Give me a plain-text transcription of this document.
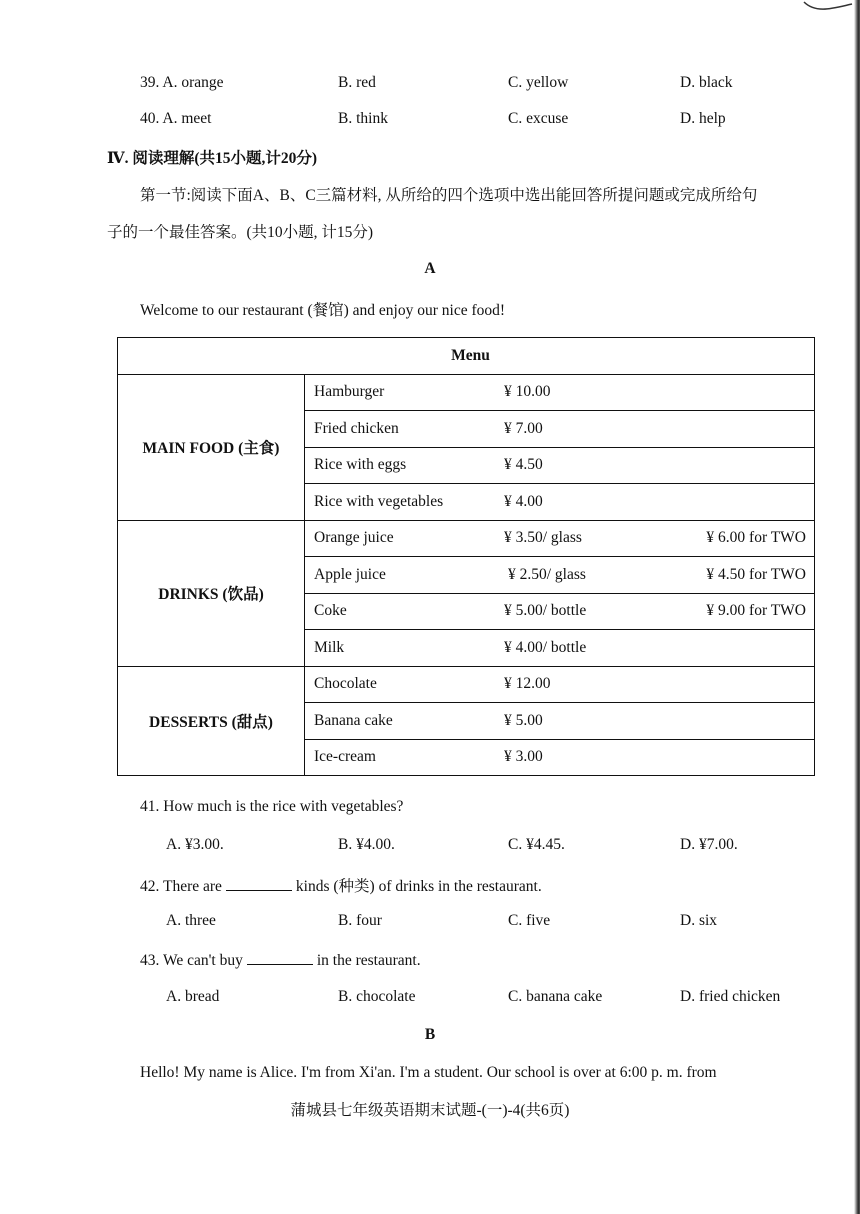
39. A. orange	B. red	C. yellow	D. black
40. A. meet	B. think	C. excuse	D. help
Ⅳ. 阅读理解(共15小题,计20分)
第一节:阅读下面A、B、C三篇材料, 从所给的四个选项中选出能回答所提问题或完成所给句
子的一个最佳答案。(共10小题, 计15分)
A
Welcome to our restaurant (餐馆) and enjoy our nice food!
Menu	
MAIN FOOD (主食)	Hamburger ¥ 10.00

	Fried chicken ¥ 7.00

	Rice with eggs ¥ 4.50

	Rice with vegetables ¥ 4.00

DRINKS (饮品)	Orange juice ¥ 3.50/ glass ¥ 6.00 for TWO

	Apple juice ¥ 2.50/ glass ¥ 4.50 for TWO

	Coke ¥ 5.00/ bottle ¥ 9.00 for TWO

	Milk ¥ 4.00/ bottle

DESSERTS (甜点)	Chocolate ¥ 12.00

	Banana cake ¥ 5.00

	Ice-cream ¥ 3.00
41. How much is the rice with vegetables?
A. ¥3.00.	B. ¥4.00.	C. ¥4.45.	D. ¥7.00.
42. There are	kinds (种类) of drinks in the restaurant.
A. three	B. four	C. five	D. six
43. We can't buy	in the restaurant.
A. bread	B. chocolate	C. banana cake	D. fried chicken
B
Hello! My name is Alice. I'm from Xi'an. I'm a student. Our school is over at 6:00 p. m. from
蒲城县七年级英语期末试题-(一)-4(共6页)
